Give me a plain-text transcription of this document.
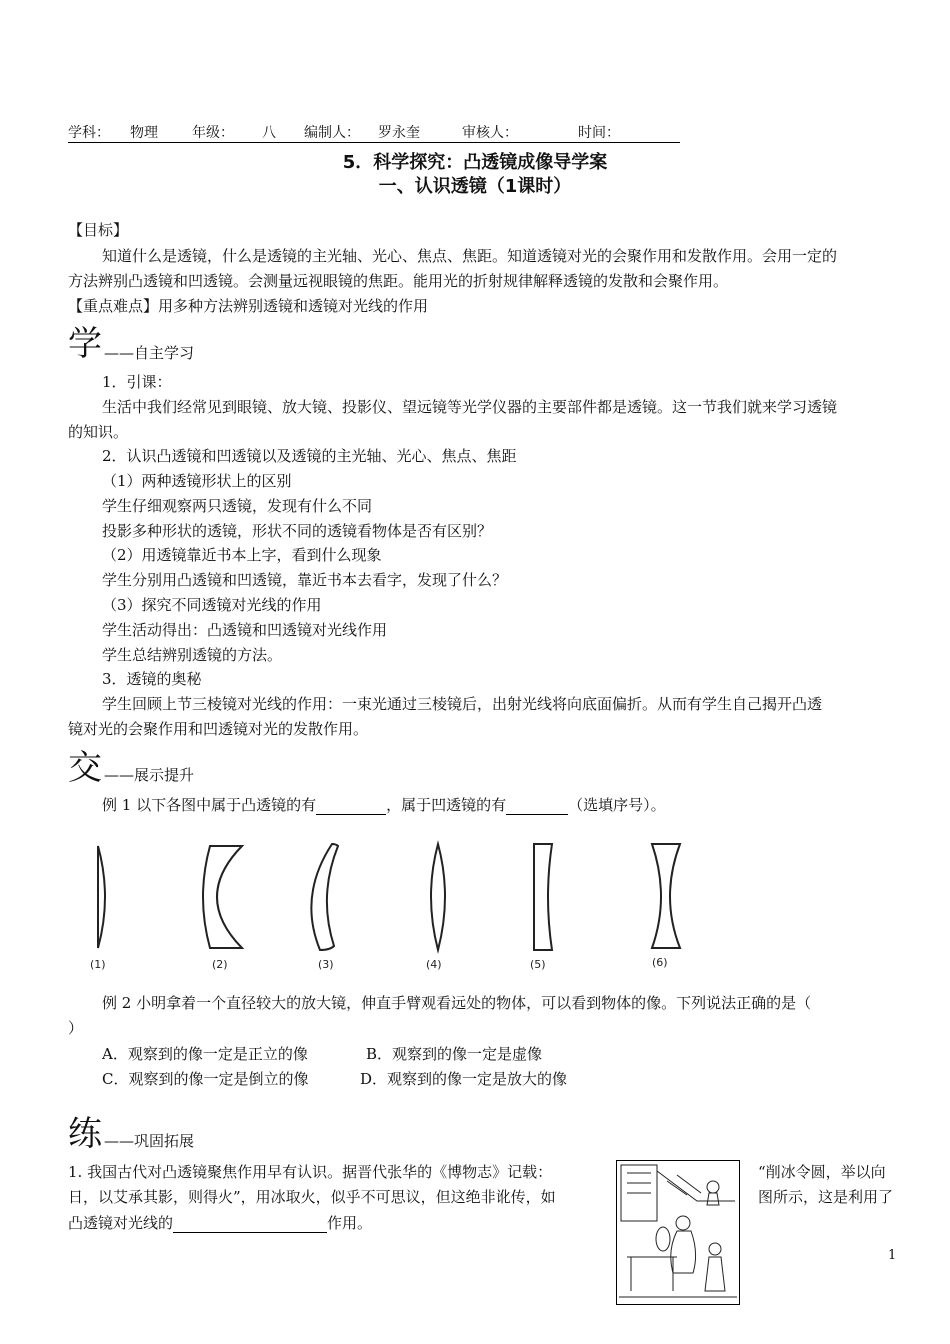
学科： 物理 年级： 八 编制人： 罗永奎	审核人：	时间：
5．科学探究：凸透镜成像导学案
一、认识透镜（1课时）
【目标】
知道什么是透镜，什么是透镜的主光轴、光心、焦点、焦距。知道透镜对光的会聚作用和发散作用。会用一定的
方法辨别凸透镜和凹透镜。会测量远视眼镜的焦距。能用光的折射规律解释透镜的发散和会聚作用。
【重点难点】用多种方法辨别透镜和透镜对光线的作用
学 ——自主学习
1．引课：
生活中我们经常见到眼镜、放大镜、投影仪、望远镜等光学仪器的主要部件都是透镜。这一节我们就来学习透镜
的知识。
2．认识凸透镜和凹透镜以及透镜的主光轴、光心、焦点、焦距
（1）两种透镜形状上的区别
学生仔细观察两只透镜，发现有什么不同
投影多种形状的透镜，形状不同的透镜看物体是否有区别？
（2）用透镜靠近书本上字，看到什么现象
学生分别用凸透镜和凹透镜，靠近书本去看字，发现了什么？
（3）探究不同透镜对光线的作用
学生活动得出：凸透镜和凹透镜对光线作用
学生总结辨别透镜的方法。
3．透镜的奥秘
学生回顾上节三棱镜对光线的作用：一束光通过三棱镜后，出射光线将向底面偏折。从而有学生自己揭开凸透
镜对光的会聚作用和凹透镜对光的发散作用。
交 ——展示提升
例 1 以下各图中属于凸透镜的有	，属于凹透镜的有	（选填序号）。
(1)	(2)	(3)	(4)	(5)	(6)
例 2 小明拿着一个直径较大的放大镜，伸直手臂观看远处的物体，可以看到物体的像。下列说法正确的是（
）
A．观察到的像一定是正立的像	B．观察到的像一定是虚像
C．观察到的像一定是倒立的像	D．观察到的像一定是放大的像
练 ——巩固拓展
1. 我国古代对凸透镜聚焦作用早有认识。据晋代张华的《博物志》记载：	“削冰令圆，举以向
日，以艾承其影，则得火”，用冰取火，似乎不可思议，但这绝非讹传，如	图所示，这是利用了
凸透镜对光线的	作用。
1
